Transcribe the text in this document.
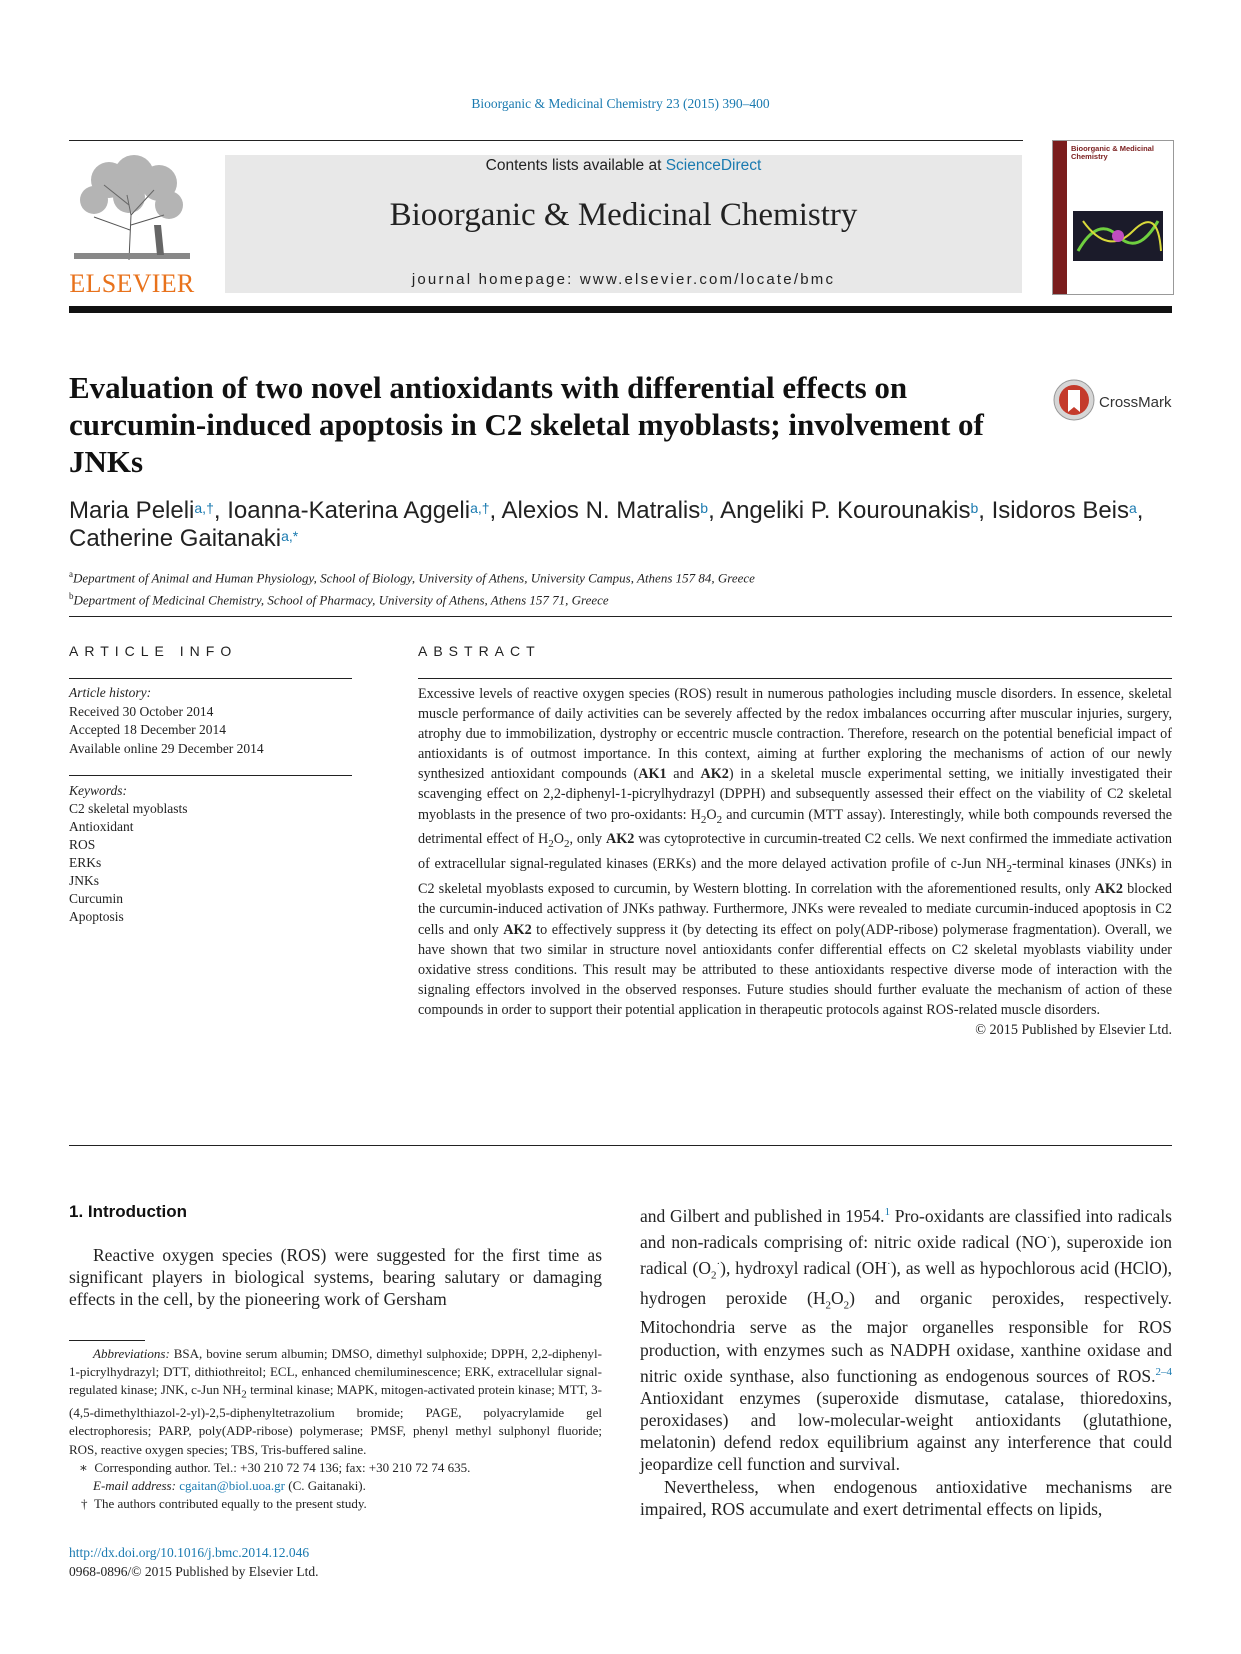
Bioorganic & Medicinal Chemistry 23 (2015) 390–400
ELSEVIER
Contents lists available at ScienceDirect
Bioorganic & Medicinal Chemistry
journal homepage: www.elsevier.com/locate/bmc
Bioorganic & Medicinal Chemistry
Evaluation of two novel antioxidants with differential effects on curcumin-induced apoptosis in C2 skeletal myoblasts; involvement of JNKs
CrossMark
Maria Peleli$^{a,\dagger}$, Ioanna-Katerina Aggeli$^{a,\dagger}$, Alexios N. Matralis$^b$, Angeliki P. Kourounakis$^b$, Isidoros Beis$^a$,
Catherine Gaitanaki$^{a,*}$
$^a$Department of Animal and Human Physiology, School of Biology, University of Athens, University Campus, Athens 157 84, Greece
$^b$Department of Medicinal Chemistry, School of Pharmacy, University of Athens, Athens 157 71, Greece
ARTICLE INFO	ABSTRACT
Article history:
Received 30 October 2014
Accepted 18 December 2014
Available online 29 December 2014
Keywords:
C2 skeletal myoblasts
Antioxidant
ROS
ERKs
JNKs
Curcumin
Apoptosis
Excessive levels of reactive oxygen species (ROS) result in numerous pathologies including muscle disorders. In essence, skeletal muscle performance of daily activities can be severely affected by the redox imbalances occurring after muscular injuries, surgery, atrophy due to immobilization, dystrophy or eccentric muscle contraction. Therefore, research on the potential beneficial impact of antioxidants is of outmost importance. In this context, aiming at further exploring the mechanisms of action of our newly synthesized antioxidant compounds (AK1 and AK2) in a skeletal muscle experimental setting, we initially investigated their scavenging effect on 2,2-diphenyl-1-picrylhydrazyl (DPPH) and subsequently assessed their effect on the viability of C2 skeletal myoblasts in the presence of two pro-oxidants: $H_2O_2$ and curcumin (MTT assay). Interestingly, while both compounds reversed the detrimental effect of $H_2O_2$, only AK2 was cytoprotective in curcumin-treated C2 cells. We next confirmed the immediate activation of extracellular signal-regulated kinases (ERKs) and the more delayed activation profile of c-Jun $NH_2$-terminal kinases (JNKs) in C2 skeletal myoblasts exposed to curcumin, by Western blotting. In correlation with the aforementioned results, only AK2 blocked the curcumin-induced activation of JNKs pathway. Furthermore, JNKs were revealed to mediate curcumin-induced apoptosis in C2 cells and only AK2 to effectively suppress it (by detecting its effect on poly(ADP-ribose) polymerase fragmentation). Overall, we have shown that two similar in structure novel antioxidants confer differential effects on C2 skeletal myoblasts viability under oxidative stress conditions. This result may be attributed to these antioxidants respective diverse mode of interaction with the signaling effectors involved in the observed responses. Future studies should further evaluate the mechanism of action of these compounds in order to support their potential application in therapeutic protocols against ROS-related muscle disorders.
© 2015 Published by Elsevier Ltd.
1. Introduction

Reactive oxygen species (ROS) were suggested for the first time as significant players in biological systems, bearing salutary or damaging effects in the cell, by the pioneering work of Gersham

Abbreviations: BSA, bovine serum albumin; DMSO, dimethyl sulphoxide; DPPH, 2,2-diphenyl-1-picrylhydrazyl; DTT, dithiothreitol; ECL, enhanced chemiluminescence; ERK, extracellular signal-regulated kinase; JNK, c-Jun $NH_2$ terminal kinase; MAPK, mitogen-activated protein kinase; MTT, 3-(4,5-dimethylthiazol-2-yl)-2,5-diphenyltetrazolium bromide; PAGE, polyacrylamide gel electrophoresis; PARP, poly(ADP-ribose) polymerase; PMSF, phenyl methyl sulphonyl fluoride; ROS, reactive oxygen species; TBS, Tris-buffered saline.

∗  Corresponding author. Tel.: +30 210 72 74 136; fax: +30 210 72 74 635.

E-mail address: cgaitan@biol.uoa.gr (C. Gaitanaki).

†  The authors contributed equally to the present study.

http://dx.doi.org/10.1016/j.bmc.2014.12.046
0968-0896/© 2015 Published by Elsevier Ltd.

and Gilbert and published in 1954.$^1$ Pro-oxidants are classified into radicals and non-radicals comprising of: nitric oxide radical (NO·), superoxide ion radical $(O_2^\cdot)$, hydroxyl radical (OH·), as well as hypochlorous acid (HClO), hydrogen peroxide $(H_2O_2)$ and organic peroxides, respectively. Mitochondria serve as the major organelles responsible for ROS production, with enzymes such as NADPH oxidase, xanthine oxidase and nitric oxide synthase, also functioning as endogenous sources of ROS.$^{2-4}$ Antioxidant enzymes (superoxide dismutase, catalase, thioredoxins, peroxidases) and low-molecular-weight antioxidants (glutathione, melatonin) defend redox equilibrium against any interference that could jeopardize cell function and survival.

Nevertheless, when endogenous antioxidative mechanisms are impaired, ROS accumulate and exert detrimental effects on lipids,
